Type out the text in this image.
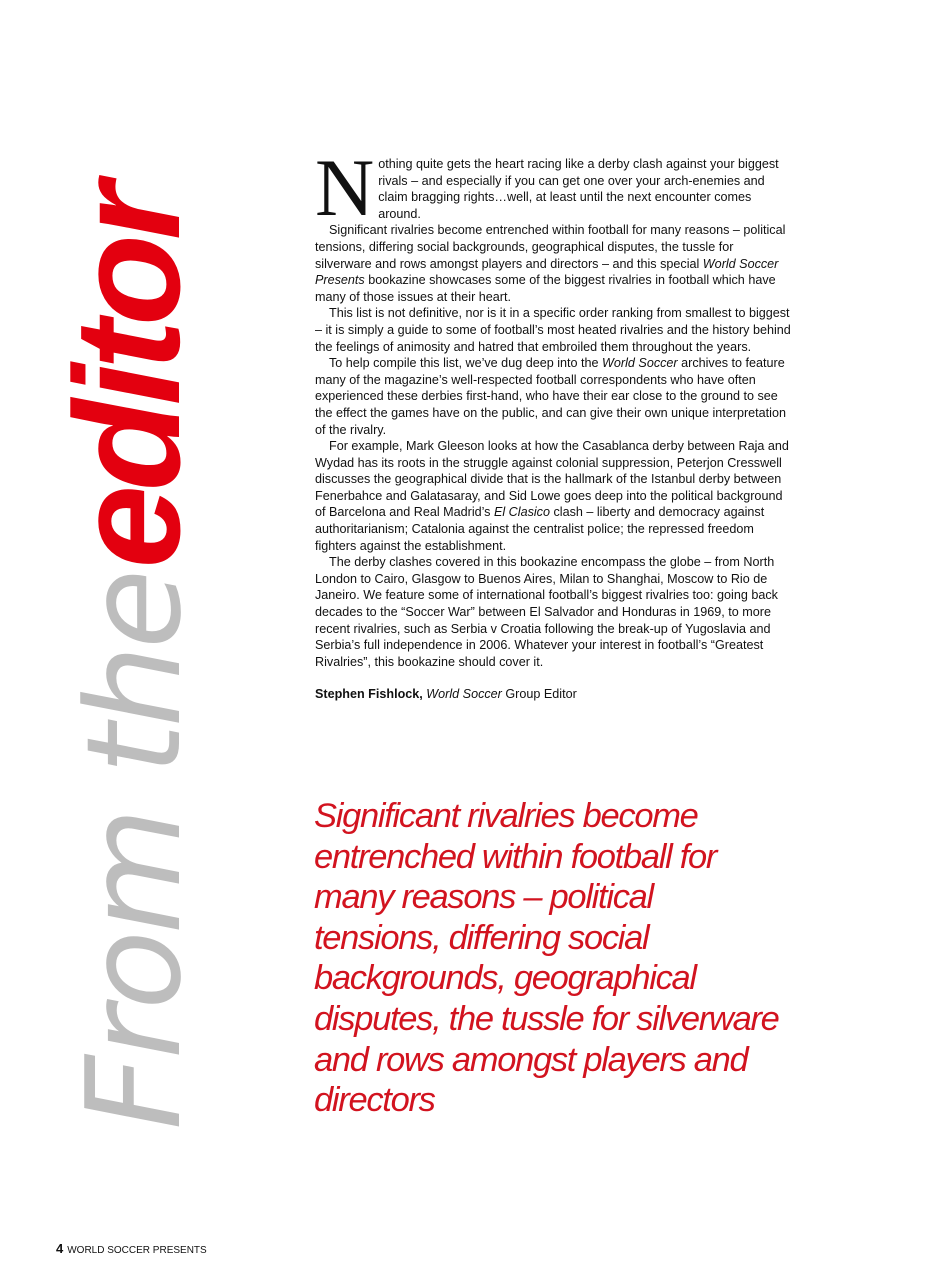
From the editor

Nothing quite gets the heart racing like a derby clash against your biggest rivals – and especially if you can get one over your arch-enemies and claim bragging rights…well, at least until the next encounter comes around.

Significant rivalries become entrenched within football for many reasons – political tensions, differing social backgrounds, geographical disputes, the tussle for silverware and rows amongst players and directors – and this special World Soccer Presents bookazine showcases some of the biggest rivalries in football which have many of those issues at their heart.

This list is not definitive, nor is it in a specific order ranking from smallest to biggest – it is simply a guide to some of football’s most heated rivalries and the history behind the feelings of animosity and hatred that embroiled them throughout the years.

To help compile this list, we’ve dug deep into the World Soccer archives to feature many of the magazine’s well-respected football correspondents who have often experienced these derbies first-hand, who have their ear close to the ground to see the effect the games have on the public, and can give their own unique interpretation of the rivalry.

For example, Mark Gleeson looks at how the Casablanca derby between Raja and Wydad has its roots in the struggle against colonial suppression, Peterjon Cresswell discusses the geographical divide that is the hallmark of the Istanbul derby between Fenerbahce and Galatasaray, and Sid Lowe goes deep into the political background of Barcelona and Real Madrid’s El Clasico clash – liberty and democracy against authoritarianism; Catalonia against the centralist police; the repressed freedom fighters against the establishment.

The derby clashes covered in this bookazine encompass the globe – from North London to Cairo, Glasgow to Buenos Aires, Milan to Shanghai, Moscow to Rio de Janeiro. We feature some of international football’s biggest rivalries too: going back decades to the “Soccer War” between El Salvador and Honduras in 1969, to more recent rivalries, such as Serbia v Croatia following the break-up of Yugoslavia and Serbia’s full independence in 2006. Whatever your interest in football’s “Greatest Rivalries”, this bookazine should cover it.

Stephen Fishlock, World Soccer Group Editor

Significant rivalries become entrenched within football for many reasons – political tensions, differing social backgrounds, geographical disputes, the tussle for silverware and rows amongst players and directors
4 WORLD SOCCER PRESENTS
